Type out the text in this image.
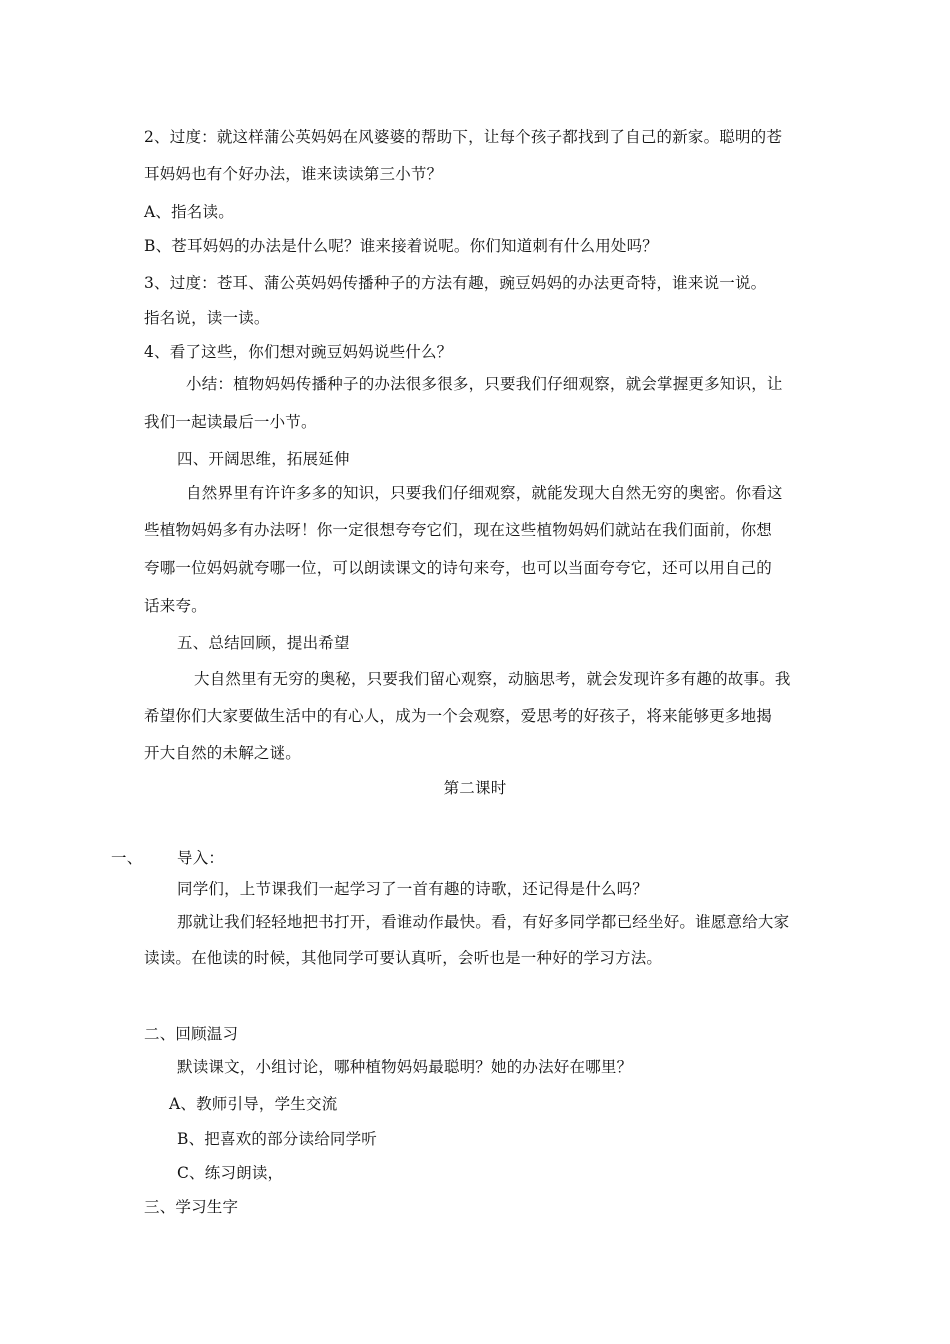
2、过度：就这样蒲公英妈妈在风婆婆的帮助下，让每个孩子都找到了自己的新家。聪明的苍
耳妈妈也有个好办法，谁来读读第三小节？
A、指名读。
B、苍耳妈妈的办法是什么呢？谁来接着说呢。你们知道刺有什么用处吗？
3、过度：苍耳、蒲公英妈妈传播种子的方法有趣，豌豆妈妈的办法更奇特，谁来说一说。
指名说，读一读。
4、看了这些，你们想对豌豆妈妈说些什么？
小结：植物妈妈传播种子的办法很多很多，只要我们仔细观察，就会掌握更多知识，让
我们一起读最后一小节。
四、开阔思维，拓展延伸
自然界里有许许多多的知识，只要我们仔细观察，就能发现大自然无穷的奥密。你看这
些植物妈妈多有办法呀！你一定很想夸夸它们，现在这些植物妈妈们就站在我们面前，你想
夸哪一位妈妈就夸哪一位，可以朗读课文的诗句来夸，也可以当面夸夸它，还可以用自己的
话来夸。
五、总结回顾，提出希望
大自然里有无穷的奥秘，只要我们留心观察，动脑思考，就会发现许多有趣的故事。我
希望你们大家要做生活中的有心人，成为一个会观察，爱思考的好孩子，将来能够更多地揭
开大自然的未解之谜。
第二课时
一、 导入：
同学们，上节课我们一起学习了一首有趣的诗歌，还记得是什么吗？
那就让我们轻轻地把书打开，看谁动作最快。看，有好多同学都已经坐好。谁愿意给大家
读读。在他读的时候，其他同学可要认真听，会听也是一种好的学习方法。
二、回顾温习
默读课文，小组讨论，哪种植物妈妈最聪明？她的办法好在哪里？
A、教师引导，学生交流
B、把喜欢的部分读给同学听
C、练习朗读，
三、学习生字
